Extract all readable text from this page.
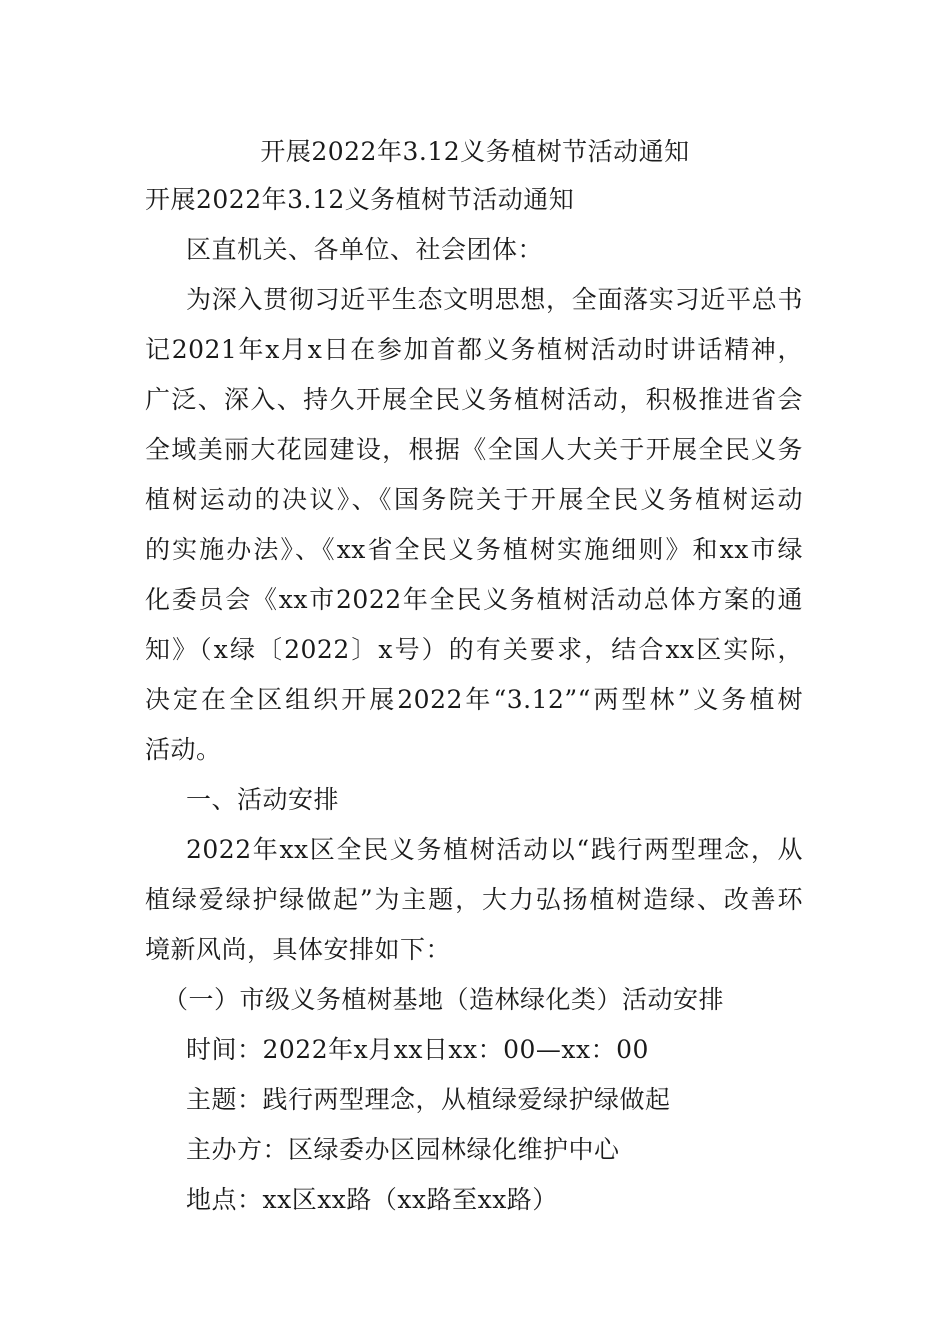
开展2022年3.12义务植树节活动通知
开展2022年3.12义务植树节活动通知
区直机关、各单位、社会团体：
为深入贯彻习近平生态文明思想，全面落实习近平总书
记2021年x月x日在参加首都义务植树活动时讲话精神，
广泛、深入、持久开展全民义务植树活动，积极推进省会
全域美丽大花园建设，根据《全国人大关于开展全民义务
植树运动的决议》、《国务院关于开展全民义务植树运动
的实施办法》、《xx省全民义务植树实施细则》和xx市绿
化委员会《xx市2022年全民义务植树活动总体方案的通
知》（x绿〔2022〕x号）的有关要求，结合xx区实际，
决定在全区组织开展2022年“3.12”“两型林”义务植树
活动。
一、活动安排
2022年xx区全民义务植树活动以“践行两型理念，从
植绿爱绿护绿做起”为主题，大力弘扬植树造绿、改善环
境新风尚，具体安排如下：
（一）市级义务植树基地（造林绿化类）活动安排
时间：2022年x月xx日xx：00—xx：00
主题：践行两型理念，从植绿爱绿护绿做起
主办方：区绿委办区园林绿化维护中心
地点：xx区xx路（xx路至xx路）
